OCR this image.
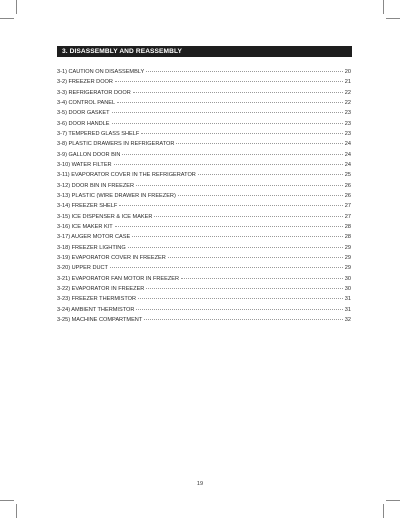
3. DISASSEMBLY AND REASSEMBLY
3-1) CAUTION ON DISASSEMBLY	20
3-2) FREEZER DOOR	21
3-3) REFRIGERATOR DOOR	22
3-4) CONTROL PANEL	22
3-5) DOOR GASKET	23
3-6) DOOR HANDLE	23
3-7) TEMPERED GLASS SHELF	23
3-8) PLASTIC DRAWERS IN REFRIGERATOR	24
3-9) GALLON DOOR BIN	24
3-10) WATER FILTER	24
3-11) EVAPORATOR COVER IN THE REFRIGERATOR	25
3-12) DOOR BIN IN FREEZER	26
3-13) PLASTIC (WIRE DRAWER IN FREEZER)	26
3-14) FREEZER SHELF	27
3-15) ICE DISPENSER & ICE MAKER	27
3-16) ICE MAKER KIT	28
3-17) AUGER MOTOR CASE	28
3-18) FREEZER LIGHTING	29
3-19) EVAPORATOR COVER IN FREEZER	29
3-20) UPPER DUCT	29
3-21) EVAPORATOR FAN MOTOR IN FREEZER	30
3-22) EVAPORATOR IN FREEZER	30
3-23) FREEZER THERMISTOR	31
3-24) AMBIENT THERMISTOR	31
3-25) MACHINE COMPARTMENT	32
19
